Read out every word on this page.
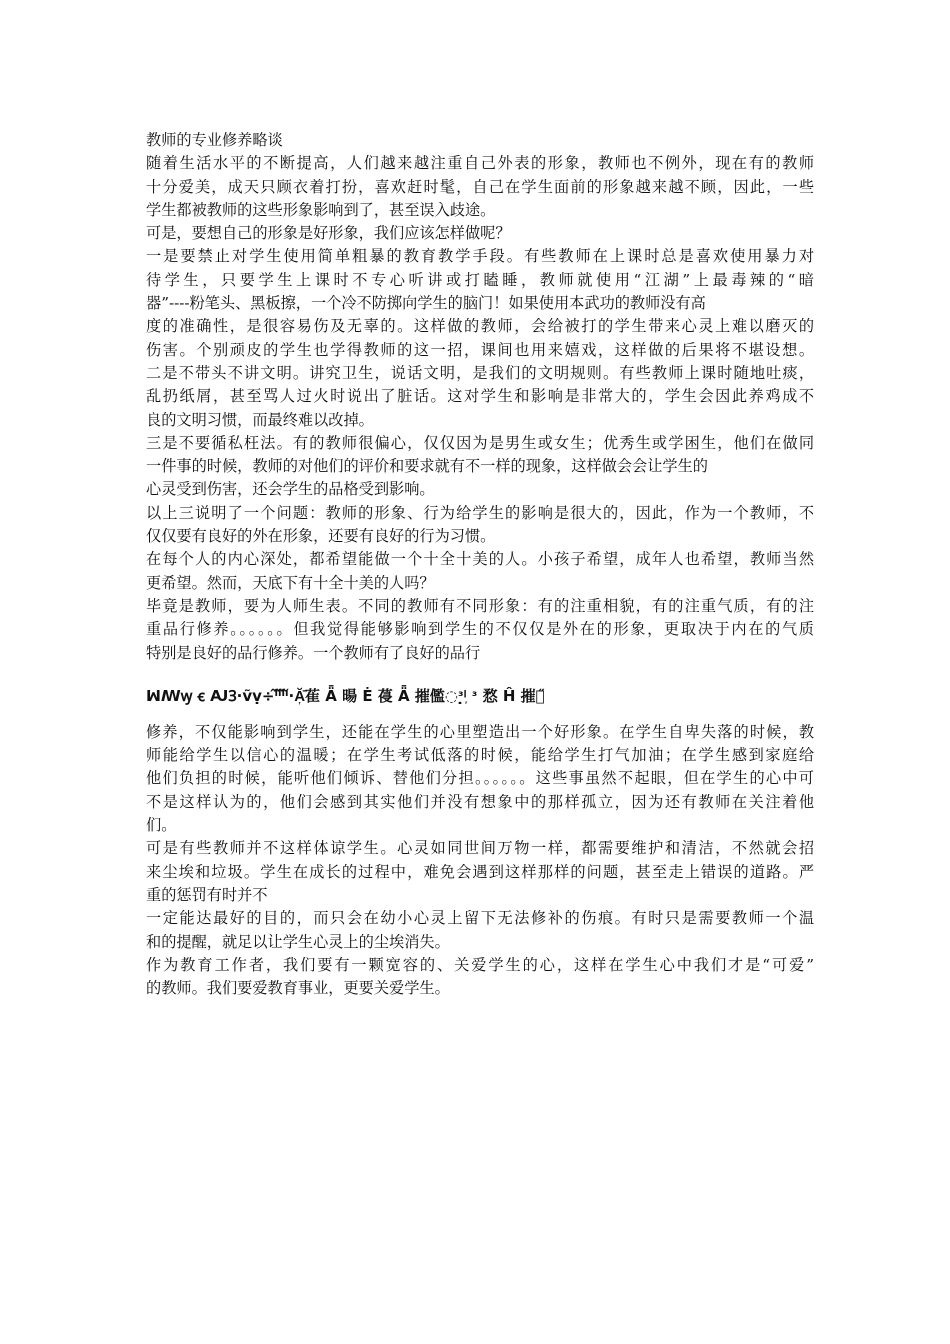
教师的专业修养略谈
随着生活水平的不断提高，人们越来越注重自己外表的形象，教师也不例外，现在有的教师
十分爱美，成天只顾衣着打扮，喜欢赶时髦，自己在学生面前的形象越来越不顾，因此，一些
学生都被教师的这些形象影响到了，甚至误入歧途。
可是，要想自己的形象是好形象，我们应该怎样做呢？
一是要禁止对学生使用简单粗暴的教育教学手段。有些教师在上课时总是喜欢使用暴力对
待学生，只要学生上课时不专心听讲或打瞌睡，教师就使用“江湖”上最毒辣的“暗
器”----粉笔头、黑板擦，一个冷不防掷向学生的脑门！如果使用本武功的教师没有高
度的准确性，是很容易伤及无辜的。这样做的教师，会给被打的学生带来心灵上难以磨灭的
伤害。个别顽皮的学生也学得教师的这一招，课间也用来嬉戏，这样做的后果将不堪设想。
二是不带头不讲文明。讲究卫生，说话文明，是我们的文明规则。有些教师上课时随地吐痰，
乱扔纸屑，甚至骂人过火时说出了脏话。这对学生和影响是非常大的，学生会因此养鸡成不
良的文明习惯，而最终难以改掉。
三是不要循私枉法。有的教师很偏心，仅仅因为是男生或女生；优秀生或学困生，他们在做同
一件事的时候，教师的对他们的评价和要求就有不一样的现象，这样做会会让学生的
心灵受到伤害，还会学生的品格受到影响。
以上三说明了一个问题：教师的形象、行为给学生的影响是很大的，因此，作为一个教师，不
仅仅要有良好的外在形象，还要有良好的行为习惯。
在每个人的内心深处，都希望能做一个十全十美的人。小孩子希望，成年人也希望，教师当然
更希望。然而，天底下有十全十美的人吗？
毕竟是教师，要为人师生表。不同的教师有不同形象：有的注重相貌，有的注重气质，有的注
重品行修养。。。。。。但我觉得能够影响到学生的不仅仅是外在的形象，更取决于内在的气质
特别是良好的品行修养。一个教师有了良好的品行
ꟽꟿꝡ ꞓ ꜶꝪ·ṽṿ÷ᴵ᷉ᴵ᷉ᴵ᷉ᴵ᷉·Ă᷊̄萑 Ǟ 暘 Ė 葠 Ǟ 摧儖◌ᶟ̣ᴵ᷊ ᶟ 愗 Ĥ 摧儖̋
修养，不仅能影响到学生，还能在学生的心里塑造出一个好形象。在学生自卑失落的时候，教
师能给学生以信心的温暖；在学生考试低落的时候，能给学生打气加油；在学生感到家庭给
他们负担的时候，能听他们倾诉、替他们分担。。。。。。这些事虽然不起眼，但在学生的心中可
不是这样认为的，他们会感到其实他们并没有想象中的那样孤立，因为还有教师在关注着他
们。
可是有些教师并不这样体谅学生。心灵如同世间万物一样，都需要维护和清洁，不然就会招
来尘埃和垃圾。学生在成长的过程中，难免会遇到这样那样的问题，甚至走上错误的道路。严
重的惩罚有时并不
一定能达最好的目的，而只会在幼小心灵上留下无法修补的伤痕。有时只是需要教师一个温
和的提醒，就足以让学生心灵上的尘埃消失。
作为教育工作者，我们要有一颗宽容的、关爱学生的心，这样在学生心中我们才是“可爱”
的教师。我们要爱教育事业，更要关爱学生。
